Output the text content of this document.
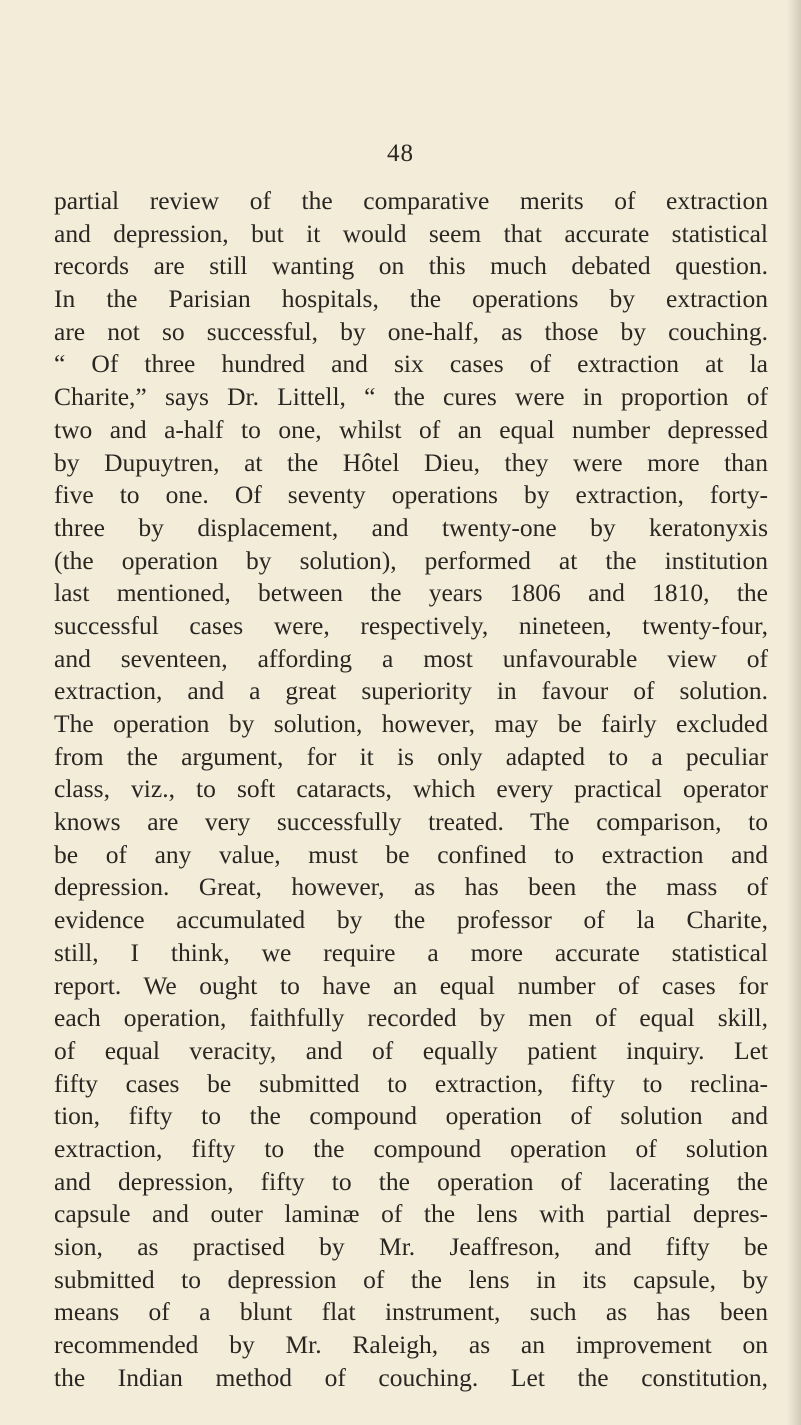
48
partial review of the comparative merits of extraction
and depression, but it would seem that accurate statistical
records are still wanting on this much debated question.
In the Parisian hospitals, the operations by extraction
are not so successful, by one-half, as those by couching.
“ Of three hundred and six cases of extraction at la
Charite,” says Dr. Littell, “ the cures were in proportion of
two and a-half to one, whilst of an equal number depressed
by Dupuytren, at the Hôtel Dieu, they were more than
five to one. Of seventy operations by extraction, forty-
three by displacement, and twenty-one by keratonyxis
(the operation by solution), performed at the institution
last mentioned, between the years 1806 and 1810, the
successful cases were, respectively, nineteen, twenty-four,
and seventeen, affording a most unfavourable view of
extraction, and a great superiority in favour of solution.
The operation by solution, however, may be fairly excluded
from the argument, for it is only adapted to a peculiar
class, viz., to soft cataracts, which every practical operator
knows are very successfully treated. The comparison, to
be of any value, must be confined to extraction and
depression. Great, however, as has been the mass of
evidence accumulated by the professor of la Charite,
still, I think, we require a more accurate statistical
report. We ought to have an equal number of cases for
each operation, faithfully recorded by men of equal skill,
of equal veracity, and of equally patient inquiry. Let
fifty cases be submitted to extraction, fifty to reclina-
tion, fifty to the compound operation of solution and
extraction, fifty to the compound operation of solution
and depression, fifty to the operation of lacerating the
capsule and outer laminæ of the lens with partial depres-
sion, as practised by Mr. Jeaffreson, and fifty be
submitted to depression of the lens in its capsule, by
means of a blunt flat instrument, such as has been
recommended by Mr. Raleigh, as an improvement on
the Indian method of couching. Let the constitution,
